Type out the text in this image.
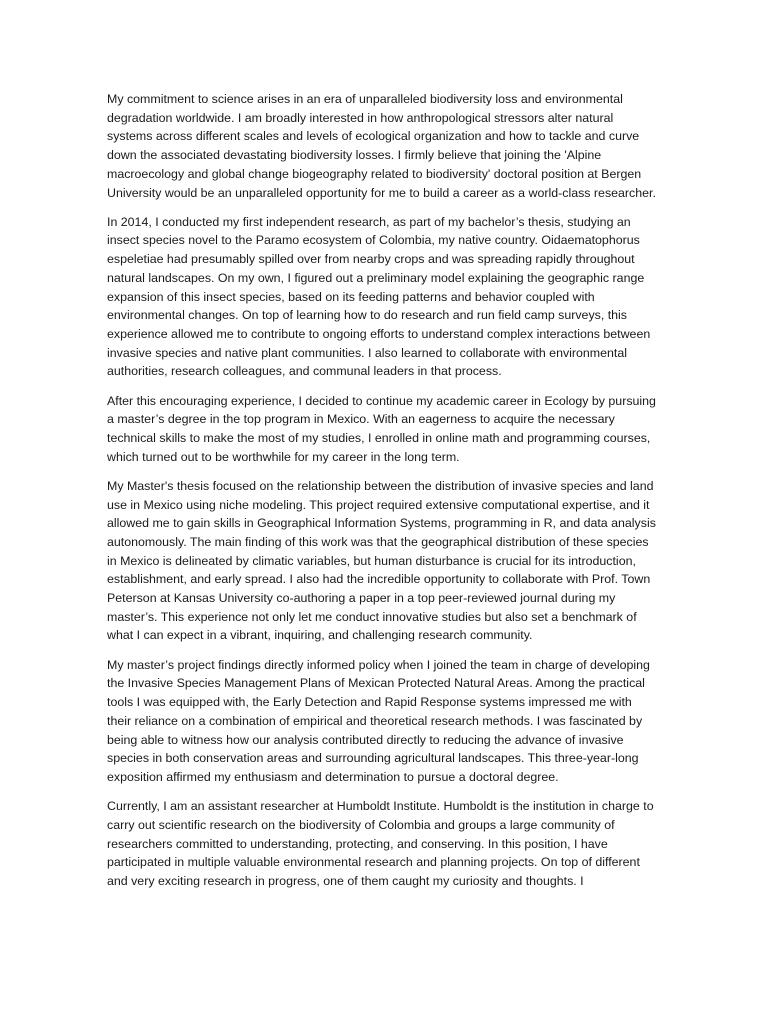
My commitment to science arises in an era of unparalleled biodiversity loss and environmental degradation worldwide. I am broadly interested in how anthropological stressors alter natural systems across different scales and levels of ecological organization and how to tackle and curve down the associated devastating biodiversity losses. I firmly believe that joining the 'Alpine macroecology and global change biogeography related to biodiversity' doctoral position at Bergen University would be an unparalleled opportunity for me to build a career as a world-class researcher.

In 2014, I conducted my first independent research, as part of my bachelor’s thesis, studying an insect species novel to the Paramo ecosystem of Colombia, my native country. Oidaematophorus espeletiae had presumably spilled over from nearby crops and was spreading rapidly throughout natural landscapes. On my own, I figured out a preliminary model explaining the geographic range expansion of this insect species, based on its feeding patterns and behavior coupled with environmental changes. On top of learning how to do research and run field camp surveys, this experience allowed me to contribute to ongoing efforts to understand complex interactions between invasive species and native plant communities. I also learned to collaborate with environmental authorities, research colleagues, and communal leaders in that process.

After this encouraging experience, I decided to continue my academic career in Ecology by pursuing a master’s degree in the top program in Mexico. With an eagerness to acquire the necessary technical skills to make the most of my studies, I enrolled in online math and programming courses, which turned out to be worthwhile for my career in the long term.

My Master's thesis focused on the relationship between the distribution of invasive species and land use in Mexico using niche modeling. This project required extensive computational expertise, and it allowed me to gain skills in Geographical Information Systems, programming in R, and data analysis autonomously. The main finding of this work was that the geographical distribution of these species in Mexico is delineated by climatic variables, but human disturbance is crucial for its introduction, establishment, and early spread. I also had the incredible opportunity to collaborate with Prof. Town Peterson at Kansas University co-authoring a paper in a top peer-reviewed journal during my master’s. This experience not only let me conduct innovative studies but also set a benchmark of what I can expect in a vibrant, inquiring, and challenging research community.

My master’s project findings directly informed policy when I joined the team in charge of developing the Invasive Species Management Plans of Mexican Protected Natural Areas. Among the practical tools I was equipped with, the Early Detection and Rapid Response systems impressed me with their reliance on a combination of empirical and theoretical research methods. I was fascinated by being able to witness how our analysis contributed directly to reducing the advance of invasive species in both conservation areas and surrounding agricultural landscapes. This three-year-long exposition affirmed my enthusiasm and determination to pursue a doctoral degree.

Currently, I am an assistant researcher at Humboldt Institute. Humboldt is the institution in charge to carry out scientific research on the biodiversity of Colombia and groups a large community of researchers committed to understanding, protecting, and conserving. In this position, I have participated in multiple valuable environmental research and planning projects. On top of different and very exciting research in progress, one of them caught my curiosity and thoughts. I
